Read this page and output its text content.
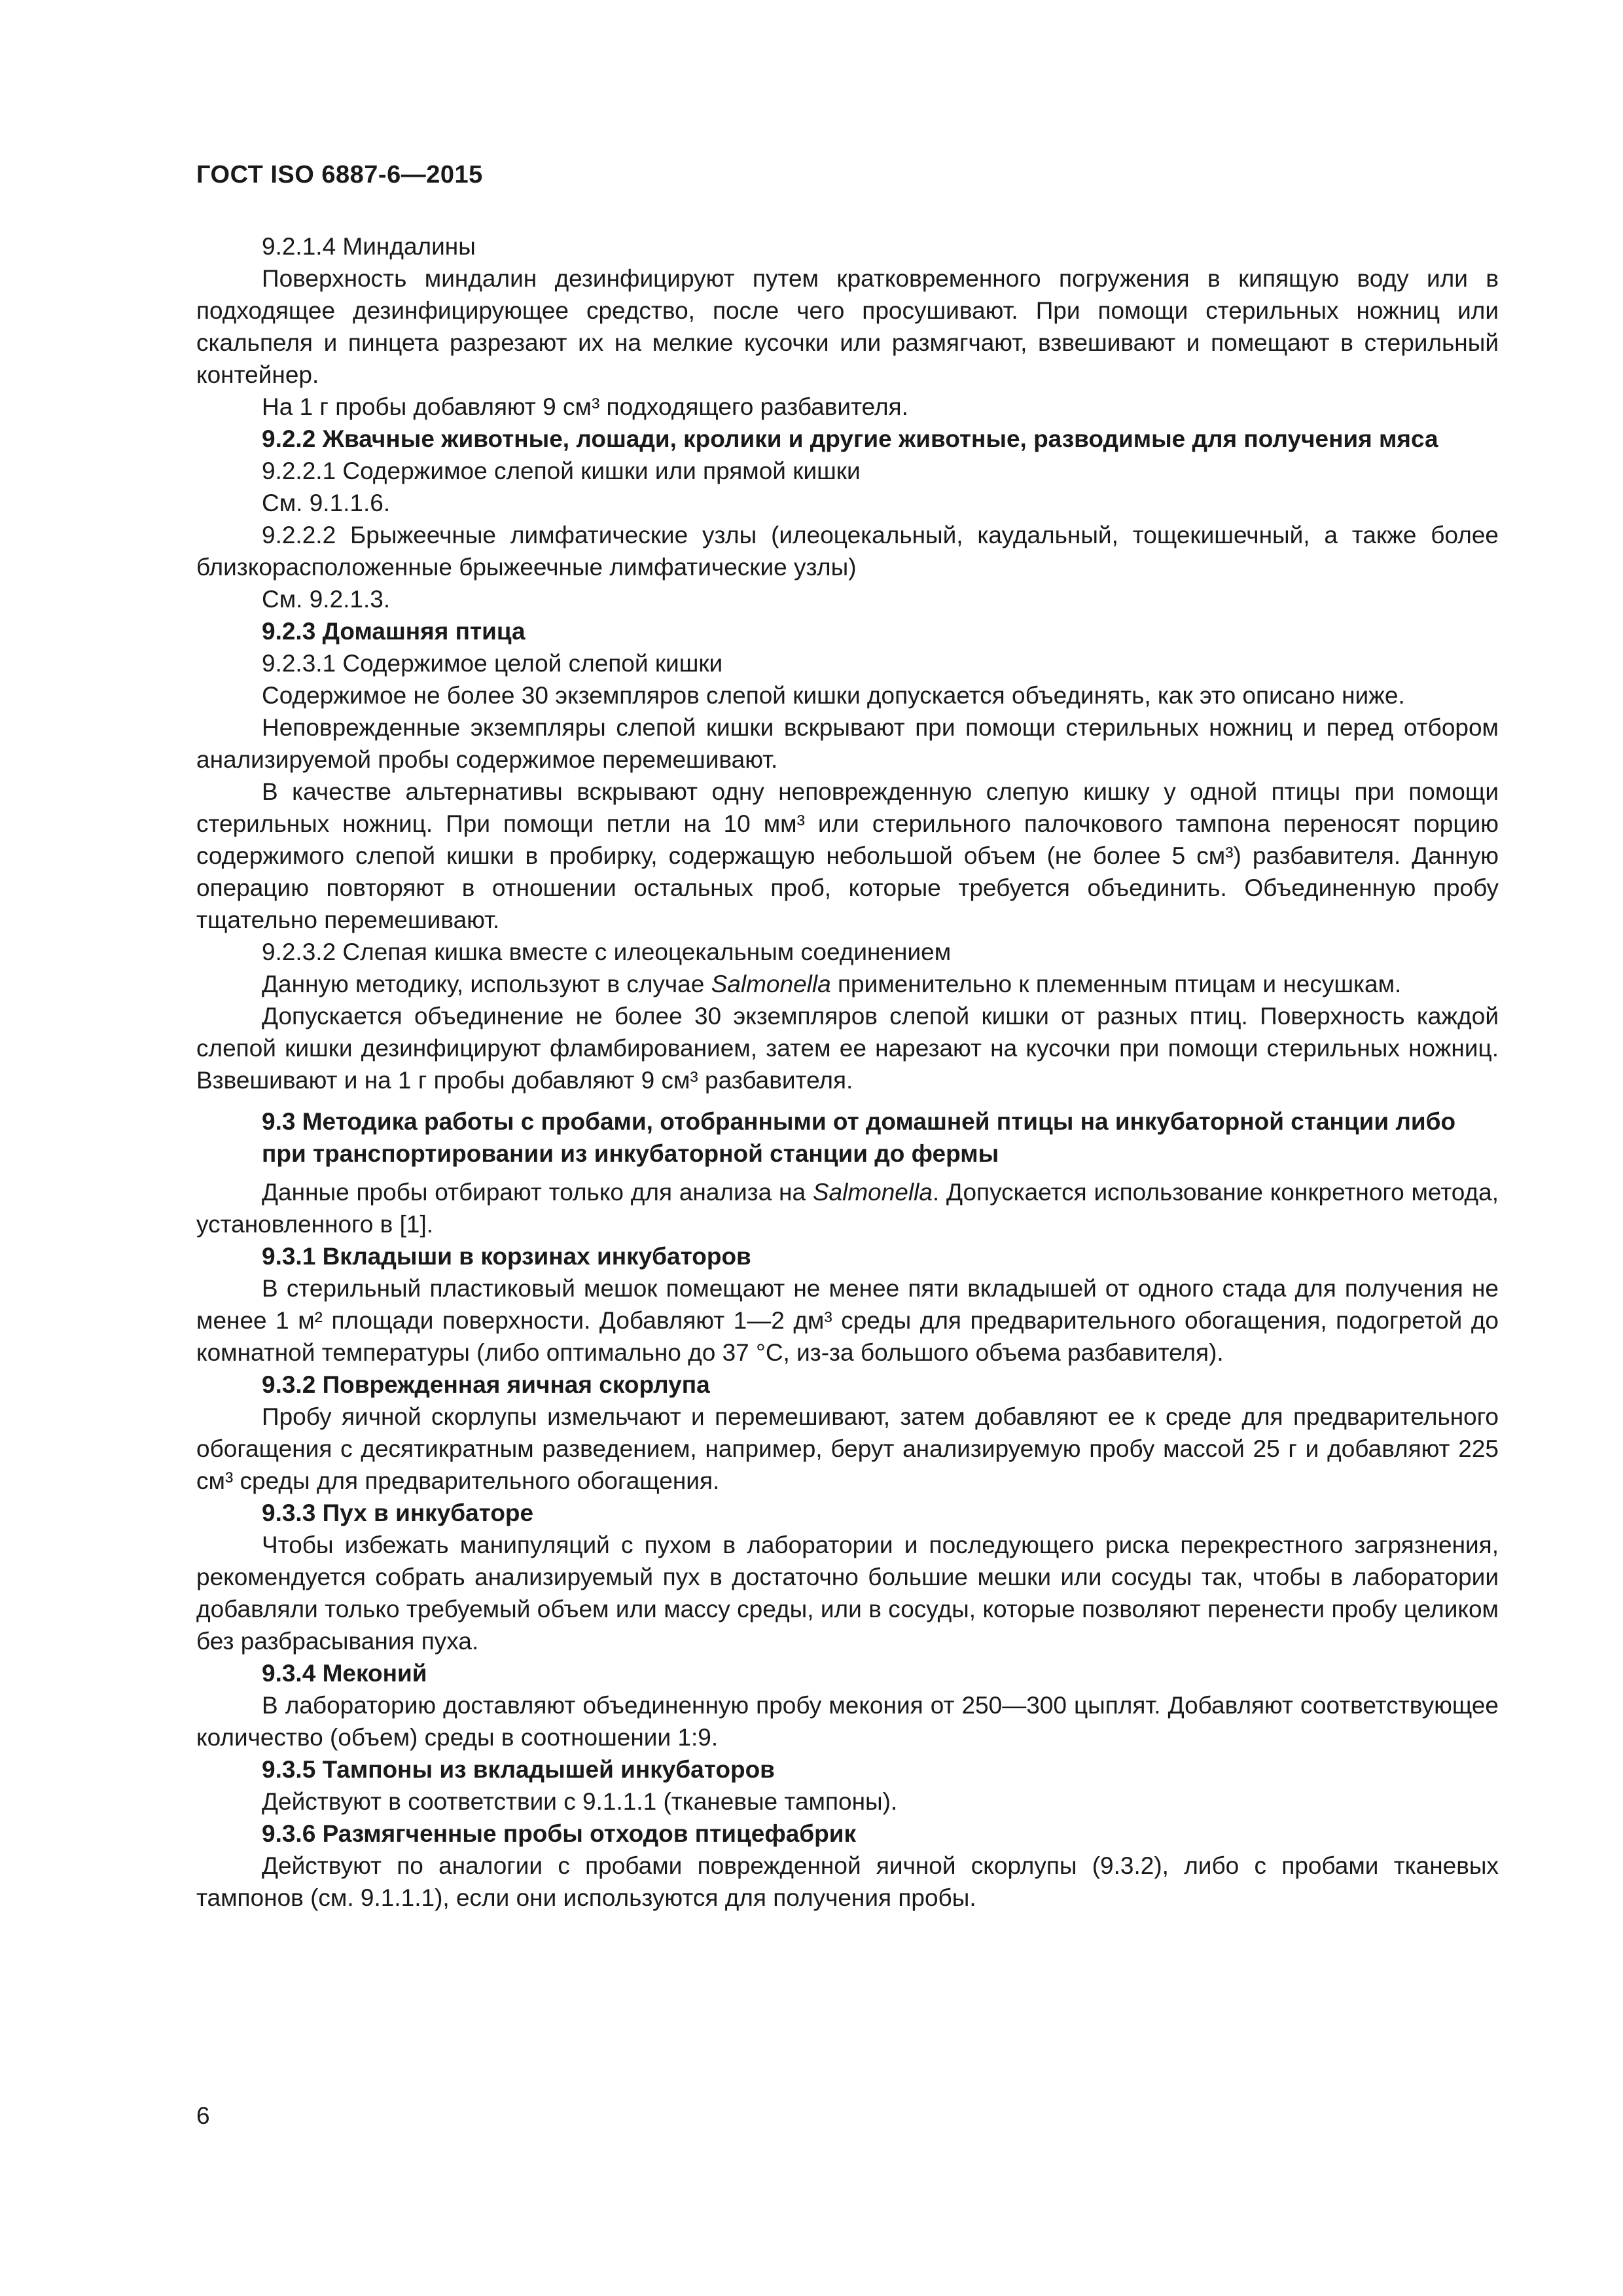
ГОСТ ISO 6887-6—2015

9.2.1.4 Миндалины

Поверхность миндалин дезинфицируют путем кратковременного погружения в кипящую воду или в подходящее дезинфицирующее средство, после чего просушивают. При помощи стерильных ножниц или скальпеля и пинцета разрезают их на мелкие кусочки или размягчают, взвешивают и помещают в стерильный контейнер.

На 1 г пробы добавляют 9 см³ подходящего разбавителя.

9.2.2 Жвачные животные, лошади, кролики и другие животные, разводимые для получения мяса

9.2.2.1 Содержимое слепой кишки или прямой кишки

См. 9.1.1.6.

9.2.2.2 Брыжеечные лимфатические узлы (илеоцекальный, каудальный, тощекишечный, а также более близкорасположенные брыжеечные лимфатические узлы)

См. 9.2.1.3.

9.2.3 Домашняя птица

9.2.3.1 Содержимое целой слепой кишки

Содержимое не более 30 экземпляров слепой кишки допускается объединять, как это описано ниже.

Неповрежденные экземпляры слепой кишки вскрывают при помощи стерильных ножниц и перед отбором анализируемой пробы содержимое перемешивают.

В качестве альтернативы вскрывают одну неповрежденную слепую кишку у одной птицы при помощи стерильных ножниц. При помощи петли на 10 мм³ или стерильного палочкового тампона переносят порцию содержимого слепой кишки в пробирку, содержащую небольшой объем (не более 5 см³) разбавителя. Данную операцию повторяют в отношении остальных проб, которые требуется объединить. Объединенную пробу тщательно перемешивают.

9.2.3.2 Слепая кишка вместе с илеоцекальным соединением

Данную методику, используют в случае Salmonella применительно к племенным птицам и несушкам.

Допускается объединение не более 30 экземпляров слепой кишки от разных птиц. Поверхность каждой слепой кишки дезинфицируют фламбированием, затем ее нарезают на кусочки при помощи стерильных ножниц. Взвешивают и на 1 г пробы добавляют 9 см³ разбавителя.

9.3 Методика работы с пробами, отобранными от домашней птицы на инкубаторной станции либо при транспортировании из инкубаторной станции до фермы

Данные пробы отбирают только для анализа на Salmonella. Допускается использование конкретного метода, установленного в [1].

9.3.1 Вкладыши в корзинах инкубаторов

В стерильный пластиковый мешок помещают не менее пяти вкладышей от одного стада для получения не менее 1 м² площади поверхности. Добавляют 1—2 дм³ среды для предварительного обогащения, подогретой до комнатной температуры (либо оптимально до 37 °С, из-за большого объема разбавителя).

9.3.2 Поврежденная яичная скорлупа

Пробу яичной скорлупы измельчают и перемешивают, затем добавляют ее к среде для предварительного обогащения с десятикратным разведением, например, берут анализируемую пробу массой 25 г и добавляют 225 см³ среды для предварительного обогащения.

9.3.3 Пух в инкубаторе

Чтобы избежать манипуляций с пухом в лаборатории и последующего риска перекрестного загрязнения, рекомендуется собрать анализируемый пух в достаточно большие мешки или сосуды так, чтобы в лаборатории добавляли только требуемый объем или массу среды, или в сосуды, которые позволяют перенести пробу целиком без разбрасывания пуха.

9.3.4 Меконий

В лабораторию доставляют объединенную пробу мекония от 250—300 цыплят. Добавляют соответствующее количество (объем) среды в соотношении 1:9.

9.3.5 Тампоны из вкладышей инкубаторов

Действуют в соответствии с 9.1.1.1 (тканевые тампоны).

9.3.6 Размягченные пробы отходов птицефабрик

Действуют по аналогии с пробами поврежденной яичной скорлупы (9.3.2), либо с пробами тканевых тампонов (см. 9.1.1.1), если они используются для получения пробы.

6
